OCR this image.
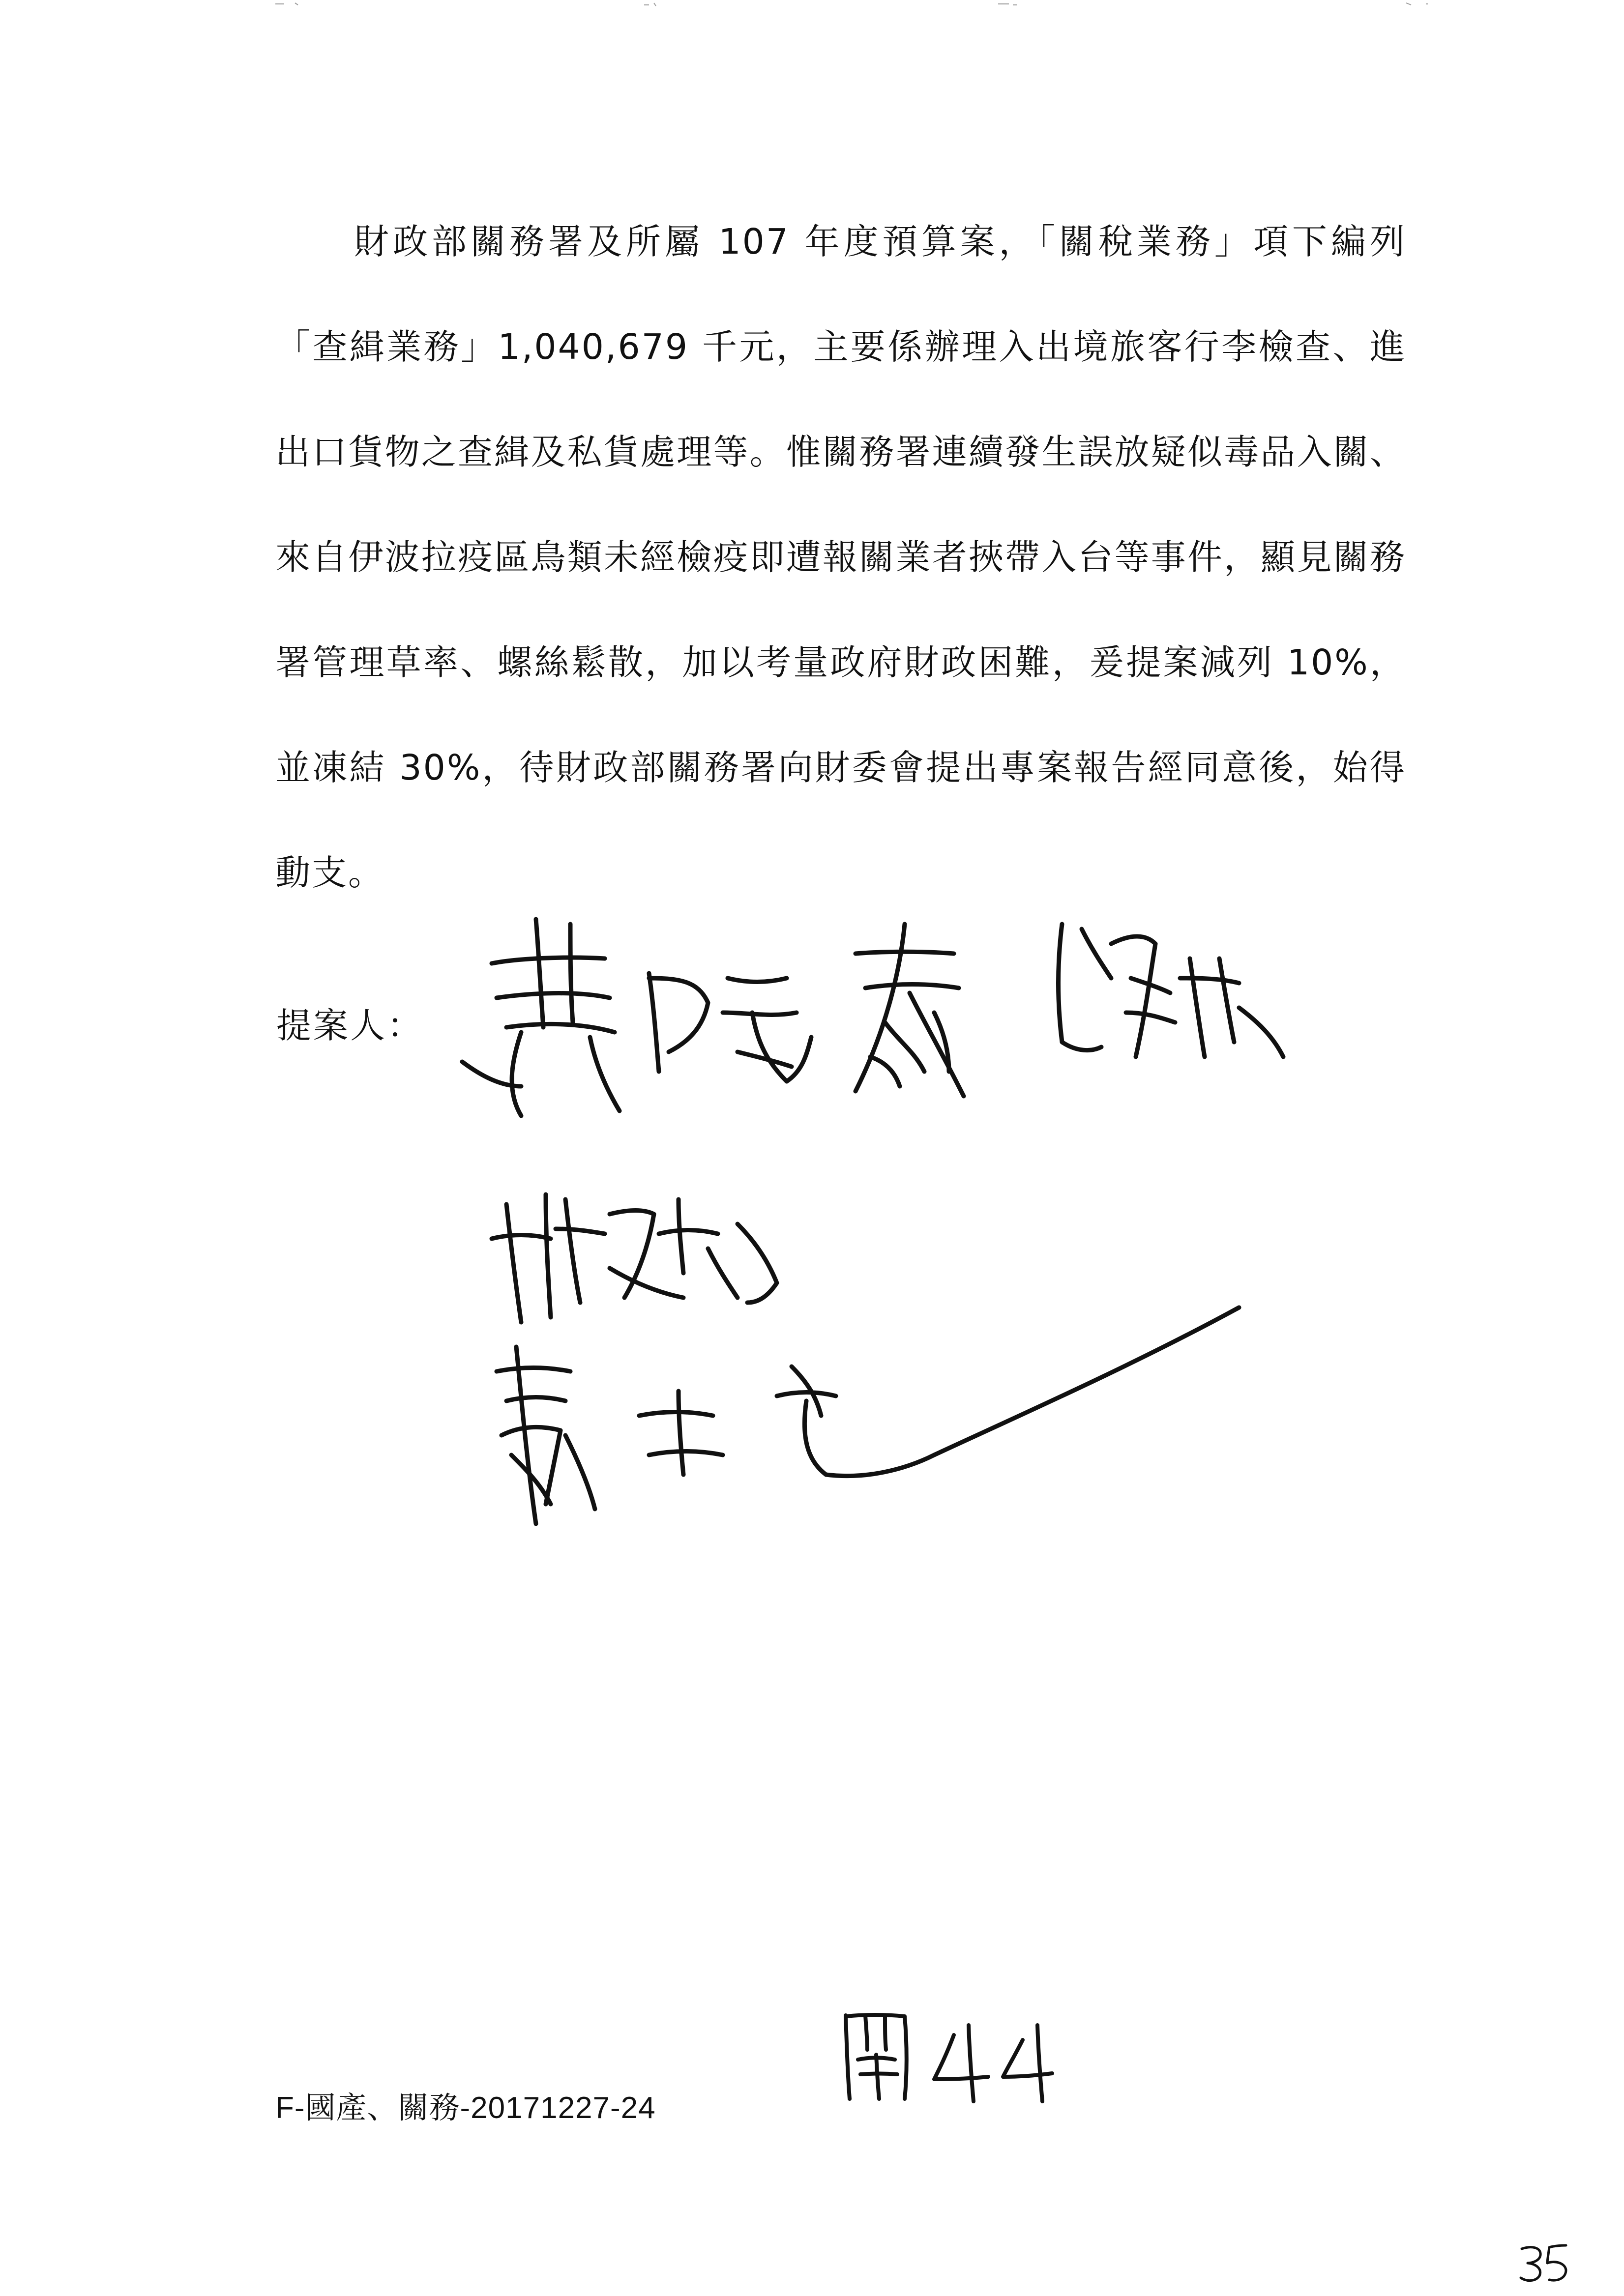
財政部關務署及所屬 107 年度預算案，「關稅業務」項下編列「查緝業務」1,040,679 千元，主要係辦理入出境旅客行李檢查、進出口貨物之查緝及私貨處理等。惟關務署連續發生誤放疑似毒品入關、來自伊波拉疫區鳥類未經檢疫即遭報關業者挾帶入台等事件，顯見關務署管理草率、螺絲鬆散，加以考量政府財政困難，爰提案減列 10%，並凍結 30%，待財政部關務署向財委會提出專案報告經同意後，始得動支。
提案人：
F-國產、關務-20171227-24
